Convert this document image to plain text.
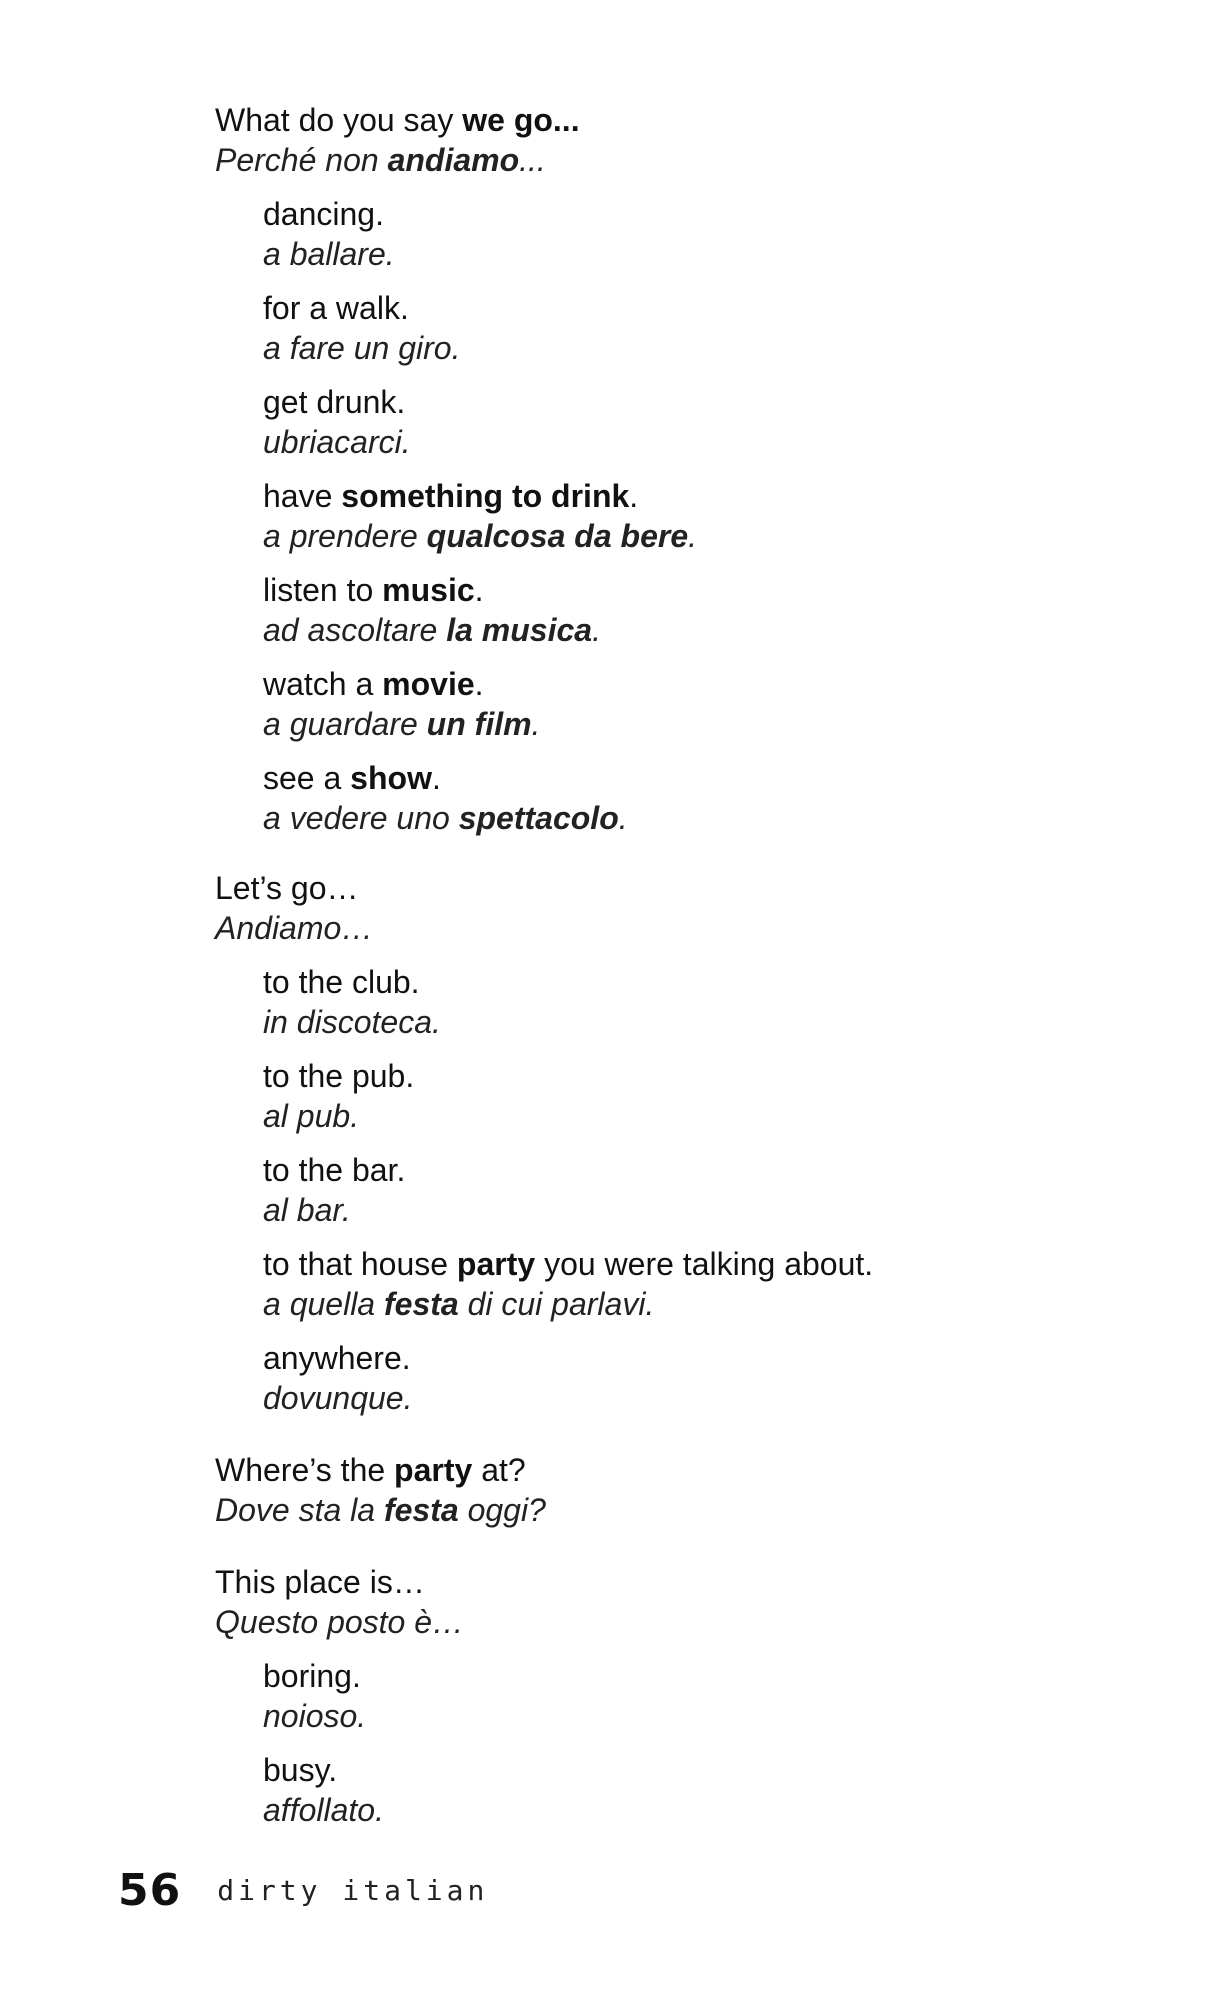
What do you say we go...
Perché non andiamo...
dancing.
a ballare.
for a walk.
a fare un giro.
get drunk.
ubriacarci.
have something to drink.
a prendere qualcosa da bere.
listen to music.
ad ascoltare la musica.
watch a movie.
a guardare un film.
see a show.
a vedere uno spettacolo.
Let’s go…
Andiamo…
to the club.
in discoteca.
to the pub.
al pub.
to the bar.
al bar.
to that house party you were talking about.
a quella festa di cui parlavi.
anywhere.
dovunque.
Where’s the party at?
Dove sta la festa oggi?
This place is…
Questo posto è…
boring.
noioso.
busy.
affollato.
56 dirty italian
